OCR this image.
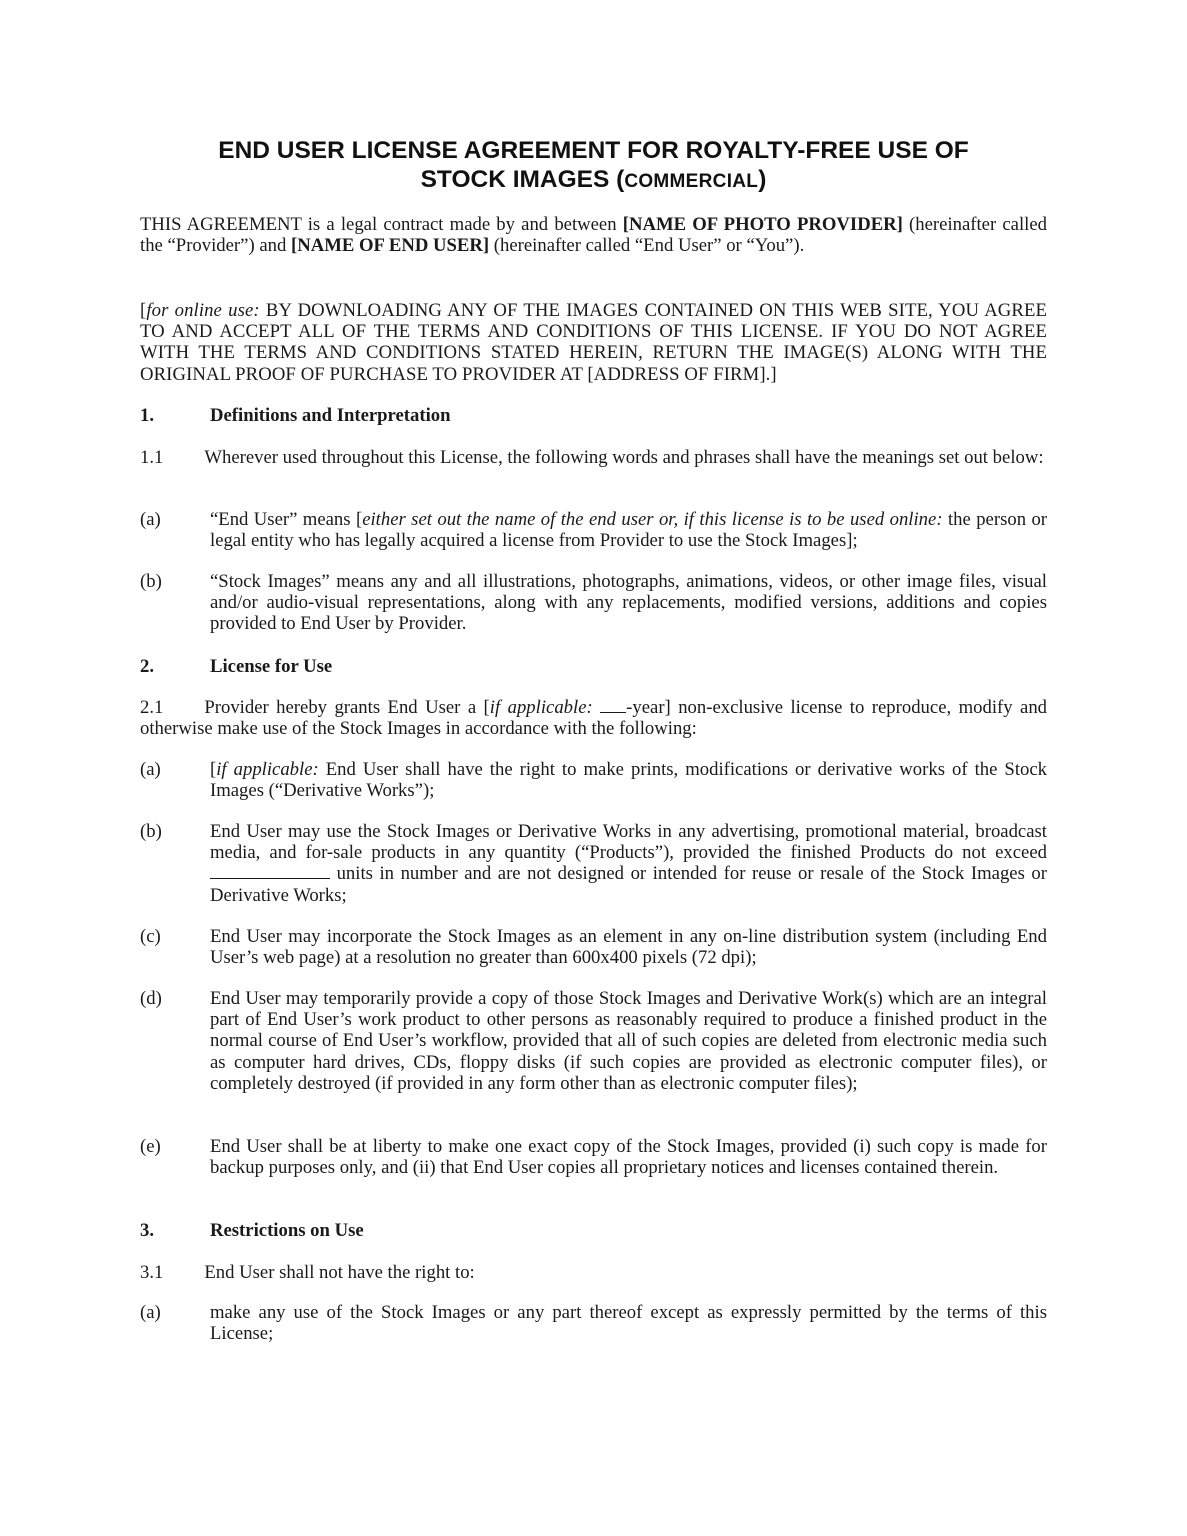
END USER LICENSE AGREEMENT FOR ROYALTY-FREE USE OF
STOCK IMAGES (COMMERCIAL)
THIS AGREEMENT is a legal contract made by and between [NAME OF PHOTO PROVIDER] (hereinafter called the “Provider”) and [NAME OF END USER] (hereinafter called “End User” or “You”).
[for online use: BY DOWNLOADING ANY OF THE IMAGES CONTAINED ON THIS WEB SITE, YOU AGREE TO AND ACCEPT ALL OF THE TERMS AND CONDITIONS OF THIS LICENSE. IF YOU DO NOT AGREE WITH THE TERMS AND CONDITIONS STATED HEREIN, RETURN THE IMAGE(S) ALONG WITH THE ORIGINAL PROOF OF PURCHASE TO PROVIDER AT [ADDRESS OF FIRM].]
1.	Definitions and Interpretation
1.1 Wherever used throughout this License, the following words and phrases shall have the meanings set out below:
(a)	“End User” means [either set out the name of the end user or, if this license is to be used online: the person or legal entity who has legally acquired a license from Provider to use the Stock Images];
(b)	“Stock Images” means any and all illustrations, photographs, animations, videos, or other image files, visual and/or audio-visual representations, along with any replacements, modified versions, additions and copies provided to End User by Provider.
2.	License for Use
2.1 Provider hereby grants End User a [if applicable: -year] non-exclusive license to reproduce, modify and otherwise make use of the Stock Images in accordance with the following:
(a)	[if applicable: End User shall have the right to make prints, modifications or derivative works of the Stock Images (“Derivative Works”);
(b)	End User may use the Stock Images or Derivative Works in any advertising, promotional material, broadcast media, and for-sale products in any quantity (“Products”), provided the finished Products do not exceed  units in number and are not designed or intended for reuse or resale of the Stock Images or Derivative Works;
(c)	End User may incorporate the Stock Images as an element in any on-line distribution system (including End User’s web page) at a resolution no greater than 600x400 pixels (72 dpi);
(d)	End User may temporarily provide a copy of those Stock Images and Derivative Work(s) which are an integral part of End User’s work product to other persons as reasonably required to produce a finished product in the normal course of End User’s workflow, provided that all of such copies are deleted from electronic media such as computer hard drives, CDs, floppy disks (if such copies are provided as electronic computer files), or completely destroyed (if provided in any form other than as electronic computer files);
(e)	End User shall be at liberty to make one exact copy of the Stock Images, provided (i) such copy is made for backup purposes only, and (ii) that End User copies all proprietary notices and licenses contained therein.
3.	Restrictions on Use
3.1 End User shall not have the right to:
(a)	make any use of the Stock Images or any part thereof except as expressly permitted by the terms of this License;
